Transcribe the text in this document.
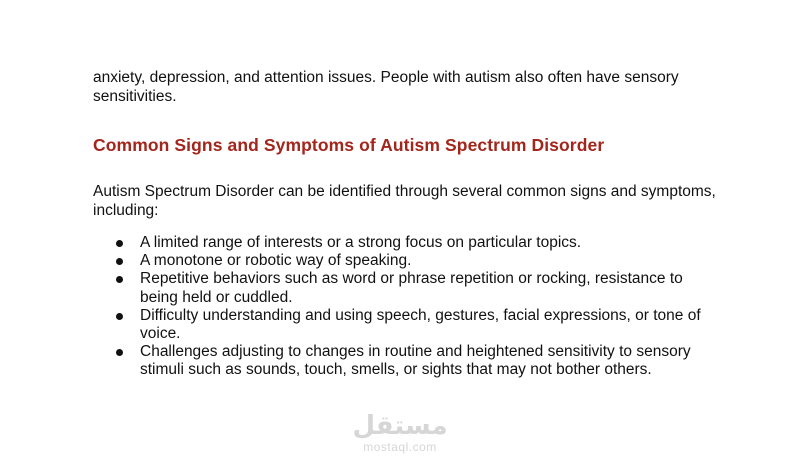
anxiety, depression, and attention issues. People with autism also often have sensory sensitivities.

Common Signs and Symptoms of Autism Spectrum Disorder

Autism Spectrum Disorder can be identified through several common signs and symptoms, including:

A limited range of interests or a strong focus on particular topics.
A monotone or robotic way of speaking.
Repetitive behaviors such as word or phrase repetition or rocking, resistance to being held or cuddled.
Difficulty understanding and using speech, gestures, facial expressions, or tone of voice.
Challenges adjusting to changes in routine and heightened sensitivity to sensory stimuli such as sounds, touch, smells, or sights that may not bother others.
مستقل
mostaql.com
